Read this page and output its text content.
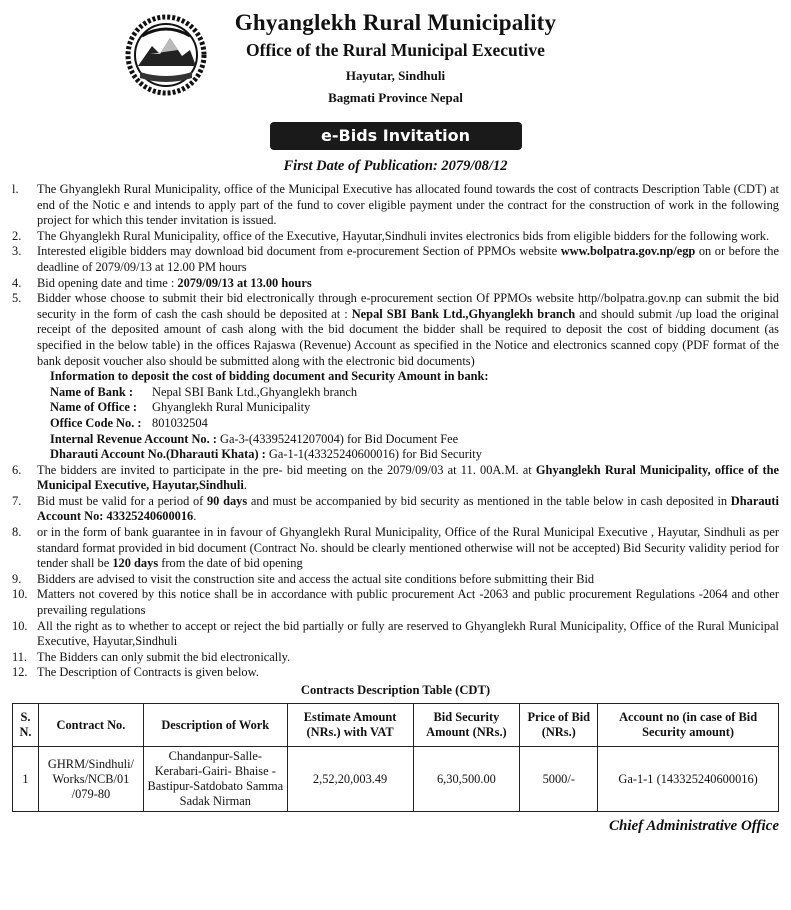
Ghyanglekh Rural Municipality
Office of the Rural Municipal Executive
Hayutar, Sindhuli
Bagmati Province Nepal
e-Bids Invitation
First Date of Publication: 2079/08/12
l.	The Ghyanglekh Rural Municipality, office of the Municipal Executive has allocated found towards the cost of contracts Description Table (CDT) at end of the Notic e and intends to apply part of the fund to cover eligible payment under the contract for the construction of work in the following project for which this tender invitation is issued.
2.	The Ghyanglekh Rural Municipality, office of the Executive, Hayutar,Sindhuli invites electronics bids from eligible bidders for the following work.
3.	Interested eligible bidders may download bid document from e-procurement Section of PPMOs website www.bolpatra.gov.np/egp on or before the deadline of 2079/09/13 at 12.00 PM hours
4.	Bid opening date and time : 2079/09/13 at 13.00 hours
5.	Bidder whose choose to submit their bid electronically through e-procurement section Of PPMOs website http//bolpatra.gov.np can submit the bid security in the form of cash the cash should be deposited at : Nepal SBI Bank Ltd.,Ghyanglekh branch and should submit /up load the original receipt of the deposited amount of cash along with the bid document the bidder shall be required to deposit the cost of bidding document (as specified in the below table) in the offices Rajaswa (Revenue) Account as specified in the Notice and electronics scanned copy (PDF format of the bank deposit voucher also should be submitted along with the electronic bid documents)
Information to deposit the cost of bidding document and Security Amount in bank:
Name of Bank :	Nepal SBI Bank Ltd.,Ghyanglekh branch
Name of Office :	Ghyanglekh Rural Municipality
Office Code No. : 801032504
Internal Revenue Account No. : Ga-3-(43395241207004) for Bid Document Fee
Dharauti Account No.(Dharauti Khata) : Ga-1-1(43325240600016) for Bid Security
6.	The bidders are invited to participate in the pre- bid meeting on the 2079/09/03 at 11. 00A.M. at Ghyanglekh Rural Municipality, office of the Municipal Executive, Hayutar,Sindhuli.
7.	Bid must be valid for a period of 90 days and must be accompanied by bid security as mentioned in the table below in cash deposited in Dharauti Account No: 43325240600016.
8.	or in the form of bank guarantee in in favour of Ghyanglekh Rural Municipality, Office of the Rural Municipal Executive , Hayutar, Sindhuli as per standard format provided in bid document (Contract No. should be clearly mentioned otherwise will not be accepted) Bid Security validity period for tender shall be 120 days from the date of bid opening
9.	Bidders are advised to visit the construction site and access the actual site conditions before submitting their Bid
10. Matters not covered by this notice shall be in accordance with public procurement Act -2063 and public procurement Regulations -2064 and other prevailing regulations
10. All the right as to whether to accept or reject the bid partially or fully are reserved to Ghyanglekh Rural Municipality, Office of the Rural Municipal Executive, Hayutar,Sindhuli
11. The Bidders can only submit the bid electronically.
12. The Description of Contracts is given below.
Contracts Description Table (CDT)
S. N.	Contract No.	Description of Work	Estimate Amount (NRs.) with VAT	Bid Security Amount (NRs.)	Price of Bid (NRs.)	Account no (in case of Bid Security amount)
1	GHRM/Sindhuli/ Works/NCB/01 /079-80	Chandanpur-Salle- Kerabari-Gairi- Bhaise -Bastipur-Satdobato Samma Sadak Nirman	2,52,20,003.49	6,30,500.00	5000/-	Ga-1-1 (143325240600016)
Chief Administrative Office
